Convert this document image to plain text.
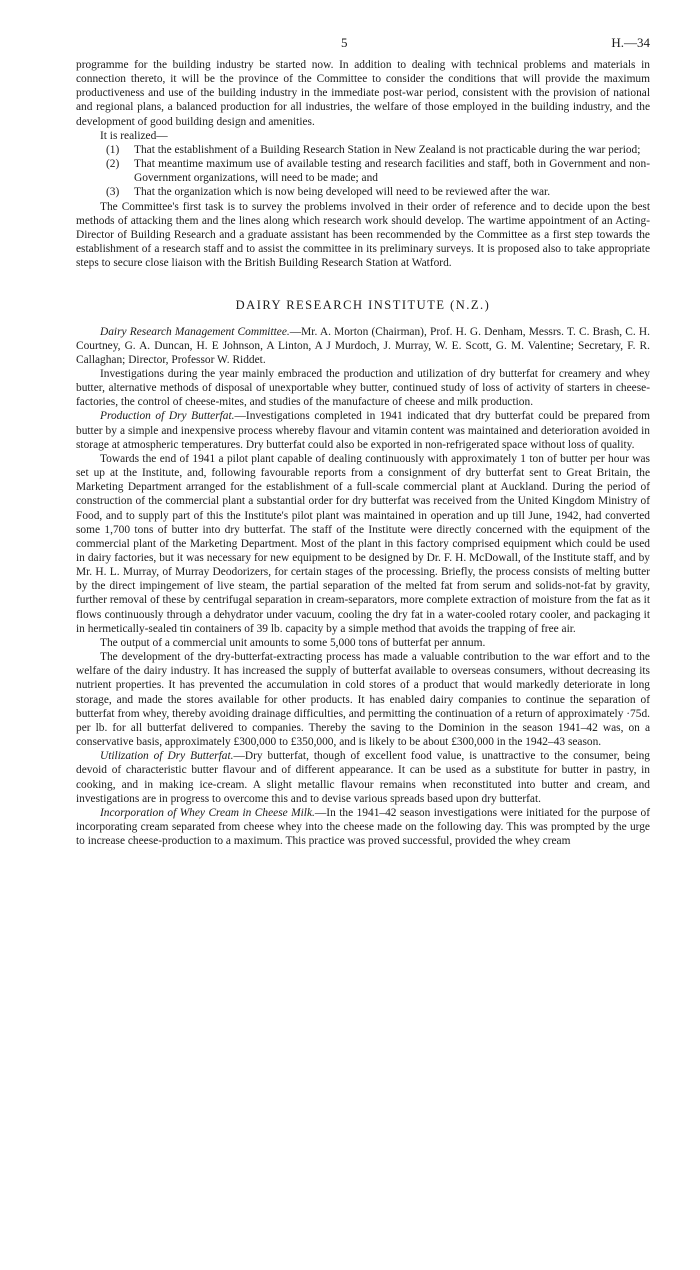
5	H.—34

programme for the building industry be started now. In addition to dealing with technical problems and materials in connection thereto, it will be the province of the Committee to consider the conditions that will provide the maximum productiveness and use of the building industry in the immediate post-war period, consistent with the provision of national and regional plans, a balanced production for all industries, the welfare of those employed in the building industry, and the development of good building design and amenities.

It is realized—

(1) That the establishment of a Building Research Station in New Zealand is not practicable during the war period;
(2) That meantime maximum use of available testing and research facilities and staff, both in Government and non-Government organizations, will need to be made; and
(3) That the organization which is now being developed will need to be reviewed after the war.

The Committee's first task is to survey the problems involved in their order of reference and to decide upon the best methods of attacking them and the lines along which research work should develop. The wartime appointment of an Acting-Director of Building Research and a graduate assistant has been recommended by the Committee as a first step towards the establishment of a research staff and to assist the committee in its preliminary surveys. It is proposed also to take appropriate steps to secure close liaison with the British Building Research Station at Watford.

DAIRY RESEARCH INSTITUTE (N.Z.)

Dairy Research Management Committee.—Mr. A. Morton (Chairman), Prof. H. G. Denham, Messrs. T. C. Brash, C. H. Courtney, G. A. Duncan, H. E Johnson, A Linton, A J Murdoch, J. Murray, W. E. Scott, G. M. Valentine; Secretary, F. R. Callaghan; Director, Professor W. Riddet.

Investigations during the year mainly embraced the production and utilization of dry butterfat for creamery and whey butter, alternative methods of disposal of unexportable whey butter, continued study of loss of activity of starters in cheese-factories, the control of cheese-mites, and studies of the manufacture of cheese and milk production.

Production of Dry Butterfat.—Investigations completed in 1941 indicated that dry butterfat could be prepared from butter by a simple and inexpensive process whereby flavour and vitamin content was maintained and deterioration avoided in storage at atmospheric temperatures. Dry butterfat could also be exported in non-refrigerated space without loss of quality.

Towards the end of 1941 a pilot plant capable of dealing continuously with approximately 1 ton of butter per hour was set up at the Institute, and, following favourable reports from a consignment of dry butterfat sent to Great Britain, the Marketing Department arranged for the establishment of a full-scale commercial plant at Auckland. During the period of construction of the commercial plant a substantial order for dry butterfat was received from the United Kingdom Ministry of Food, and to supply part of this the Institute's pilot plant was maintained in operation and up till June, 1942, had converted some 1,700 tons of butter into dry butterfat. The staff of the Institute were directly concerned with the equipment of the commercial plant of the Marketing Department. Most of the plant in this factory comprised equipment which could be used in dairy factories, but it was necessary for new equipment to be designed by Dr. F. H. McDowall, of the Institute staff, and by Mr. H. L. Murray, of Murray Deodorizers, for certain stages of the processing. Briefly, the process consists of melting butter by the direct impingement of live steam, the partial separation of the melted fat from serum and solids-not-fat by gravity, further removal of these by centrifugal separation in cream-separators, more complete extraction of moisture from the fat as it flows continuously through a dehydrator under vacuum, cooling the dry fat in a water-cooled rotary cooler, and packaging it in hermetically-sealed tin containers of 39 lb. capacity by a simple method that avoids the trapping of free air.

The output of a commercial unit amounts to some 5,000 tons of butterfat per annum.

The development of the dry-butterfat-extracting process has made a valuable contribution to the war effort and to the welfare of the dairy industry. It has increased the supply of butterfat available to overseas consumers, without decreasing its nutrient properties. It has prevented the accumulation in cold stores of a product that would markedly deteriorate in long storage, and made the stores available for other products. It has enabled dairy companies to continue the separation of butterfat from whey, thereby avoiding drainage difficulties, and permitting the continuation of a return of approximately ·75d. per lb. for all butterfat delivered to companies. Thereby the saving to the Dominion in the season 1941–42 was, on a conservative basis, approximately £300,000 to £350,000, and is likely to be about £300,000 in the 1942–43 season.

Utilization of Dry Butterfat.—Dry butterfat, though of excellent food value, is unattractive to the consumer, being devoid of characteristic butter flavour and of different appearance. It can be used as a substitute for butter in pastry, in cooking, and in making ice-cream. A slight metallic flavour remains when reconstituted into butter and cream, and investigations are in progress to overcome this and to devise various spreads based upon dry butterfat.

Incorporation of Whey Cream in Cheese Milk.—In the 1941–42 season investigations were initiated for the purpose of incorporating cream separated from cheese whey into the cheese made on the following day. This was prompted by the urge to increase cheese-production to a maximum. This practice was proved successful, provided the whey cream
